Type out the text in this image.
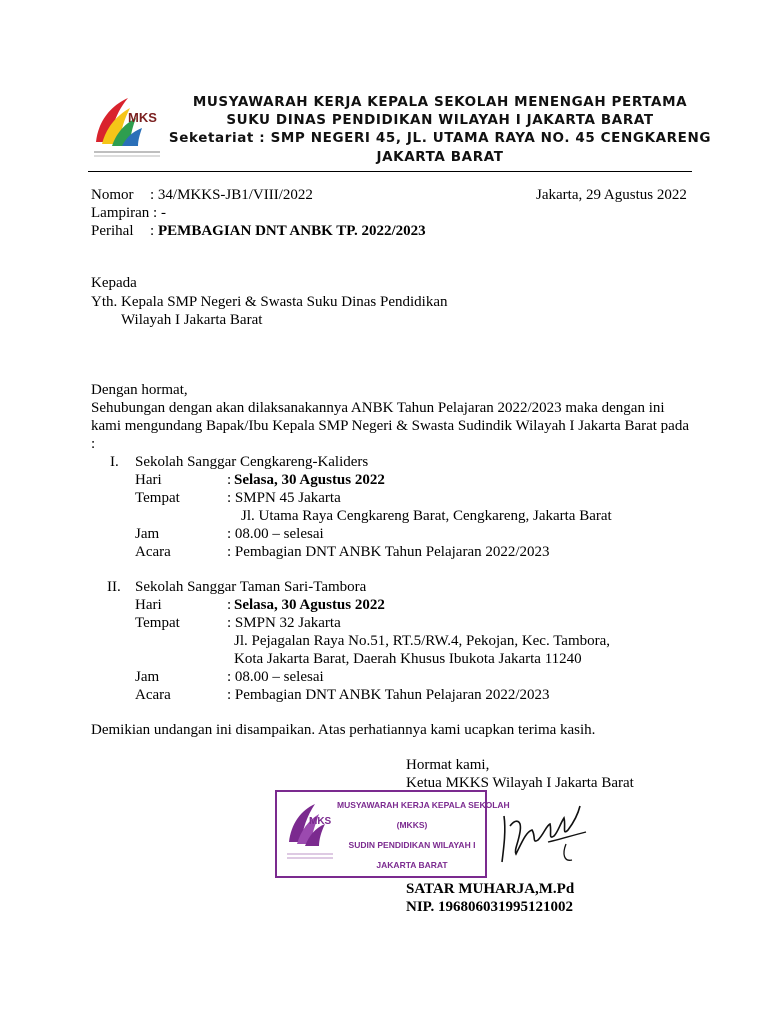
MKS
MUSYAWARAH KERJA KEPALA SEKOLAH MENENGAH PERTAMA
SUKU DINAS PENDIDIKAN WILAYAH I JAKARTA BARAT
Seketariat : SMP NEGERI 45, JL. UTAMA RAYA NO. 45 CENGKARENG
JAKARTA BARAT
Nomor : 34/MKKS-JB1/VIII/2022	Jakarta, 29 Agustus 2022
Lampiran : -
Perihal : PEMBAGIAN DNT ANBK TP. 2022/2023
Kepada
Yth. Kepala SMP Negeri & Swasta Suku Dinas Pendidikan
Wilayah I Jakarta Barat
Dengan hormat,
Sehubungan dengan akan dilaksanakannya ANBK Tahun Pelajaran 2022/2023 maka dengan ini
kami mengundang Bapak/Ibu Kepala SMP Negeri & Swasta Sudindik Wilayah I Jakarta Barat pada
:
I. Sekolah Sanggar Cengkareng-Kaliders
Hari	: Selasa, 30 Agustus 2022
Tempat	: SMPN 45 Jakarta
Jl. Utama Raya Cengkareng Barat, Cengkareng, Jakarta Barat
Jam	: 08.00 – selesai
Acara	: Pembagian DNT ANBK Tahun Pelajaran 2022/2023
II. Sekolah Sanggar Taman Sari-Tambora
Hari	: Selasa, 30 Agustus 2022
Tempat	: SMPN 32 Jakarta
Jl. Pejagalan Raya No.51, RT.5/RW.4, Pekojan, Kec. Tambora,
Kota Jakarta Barat, Daerah Khusus Ibukota Jakarta 11240
Jam	: 08.00 – selesai
Acara	: Pembagian DNT ANBK Tahun Pelajaran 2022/2023
Demikian undangan ini disampaikan. Atas perhatiannya kami ucapkan terima kasih.
Hormat kami,
Ketua MKKS Wilayah I Jakarta Barat
MKS
MUSYAWARAH KERJA KEPALA SEKOLAH
(MKKS)
SUDIN PENDIDIKAN WILAYAH I
JAKARTA BARAT
SATAR MUHARJA,M.Pd
NIP. 196806031995121002
